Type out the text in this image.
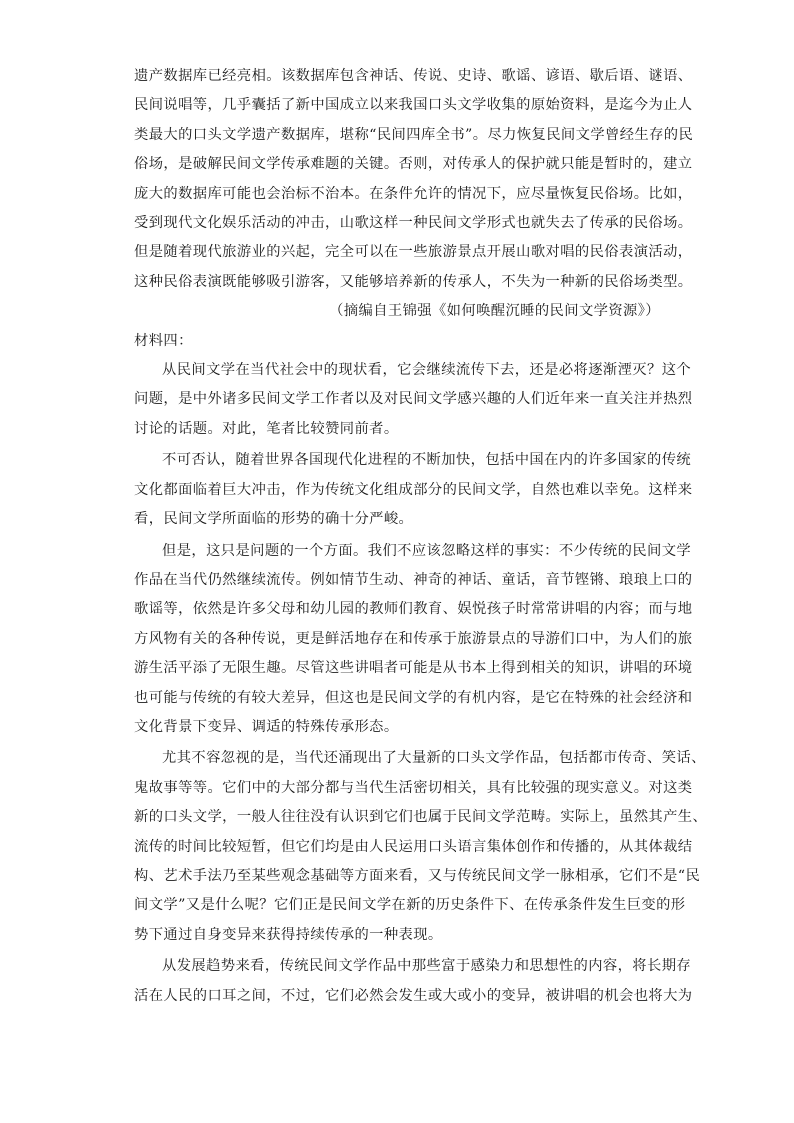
遗产数据库已经亮相。该数据库包含神话、传说、史诗、歌谣、谚语、歇后语、谜语、
民间说唱等，几乎囊括了新中国成立以来我国口头文学收集的原始资料，是迄今为止人
类最大的口头文学遗产数据库，堪称“民间四库全书”。尽力恢复民间文学曾经生存的民
俗场，是破解民间文学传承难题的关键。否则，对传承人的保护就只能是暂时的，建立
庞大的数据库可能也会治标不治本。在条件允许的情况下，应尽量恢复民俗场。比如，
受到现代文化娱乐活动的冲击，山歌这样一种民间文学形式也就失去了传承的民俗场。
但是随着现代旅游业的兴起，完全可以在一些旅游景点开展山歌对唱的民俗表演活动，
这种民俗表演既能够吸引游客，又能够培养新的传承人，不失为一种新的民俗场类型。
（摘编自王锦强《如何唤醒沉睡的民间文学资源》）
材料四：
从民间文学在当代社会中的现状看，它会继续流传下去，还是必将逐渐湮灭？这个
问题，是中外诸多民间文学工作者以及对民间文学感兴趣的人们近年来一直关注并热烈
讨论的话题。对此，笔者比较赞同前者。
不可否认，随着世界各国现代化进程的不断加快，包括中国在内的许多国家的传统
文化都面临着巨大冲击，作为传统文化组成部分的民间文学，自然也难以幸免。这样来
看，民间文学所面临的形势的确十分严峻。
但是，这只是问题的一个方面。我们不应该忽略这样的事实：不少传统的民间文学
作品在当代仍然继续流传。例如情节生动、神奇的神话、童话，音节铿锵、琅琅上口的
歌谣等，依然是许多父母和幼儿园的教师们教育、娱悦孩子时常常讲唱的内容；而与地
方风物有关的各种传说，更是鲜活地存在和传承于旅游景点的导游们口中，为人们的旅
游生活平添了无限生趣。尽管这些讲唱者可能是从书本上得到相关的知识，讲唱的环境
也可能与传统的有较大差异，但这也是民间文学的有机内容，是它在特殊的社会经济和
文化背景下变异、调适的特殊传承形态。
尤其不容忽视的是，当代还涌现出了大量新的口头文学作品，包括都市传奇、笑话、
鬼故事等等。它们中的大部分都与当代生活密切相关，具有比较强的现实意义。对这类
新的口头文学，一般人往往没有认识到它们也属于民间文学范畴。实际上，虽然其产生、
流传的时间比较短暂，但它们均是由人民运用口头语言集体创作和传播的，从其体裁结
构、艺术手法乃至某些观念基础等方面来看，又与传统民间文学一脉相承，它们不是“民
间文学”又是什么呢？它们正是民间文学在新的历史条件下、在传承条件发生巨变的形
势下通过自身变异来获得持续传承的一种表现。
从发展趋势来看，传统民间文学作品中那些富于感染力和思想性的内容，将长期存
活在人民的口耳之间，不过，它们必然会发生或大或小的变异，被讲唱的机会也将大为
